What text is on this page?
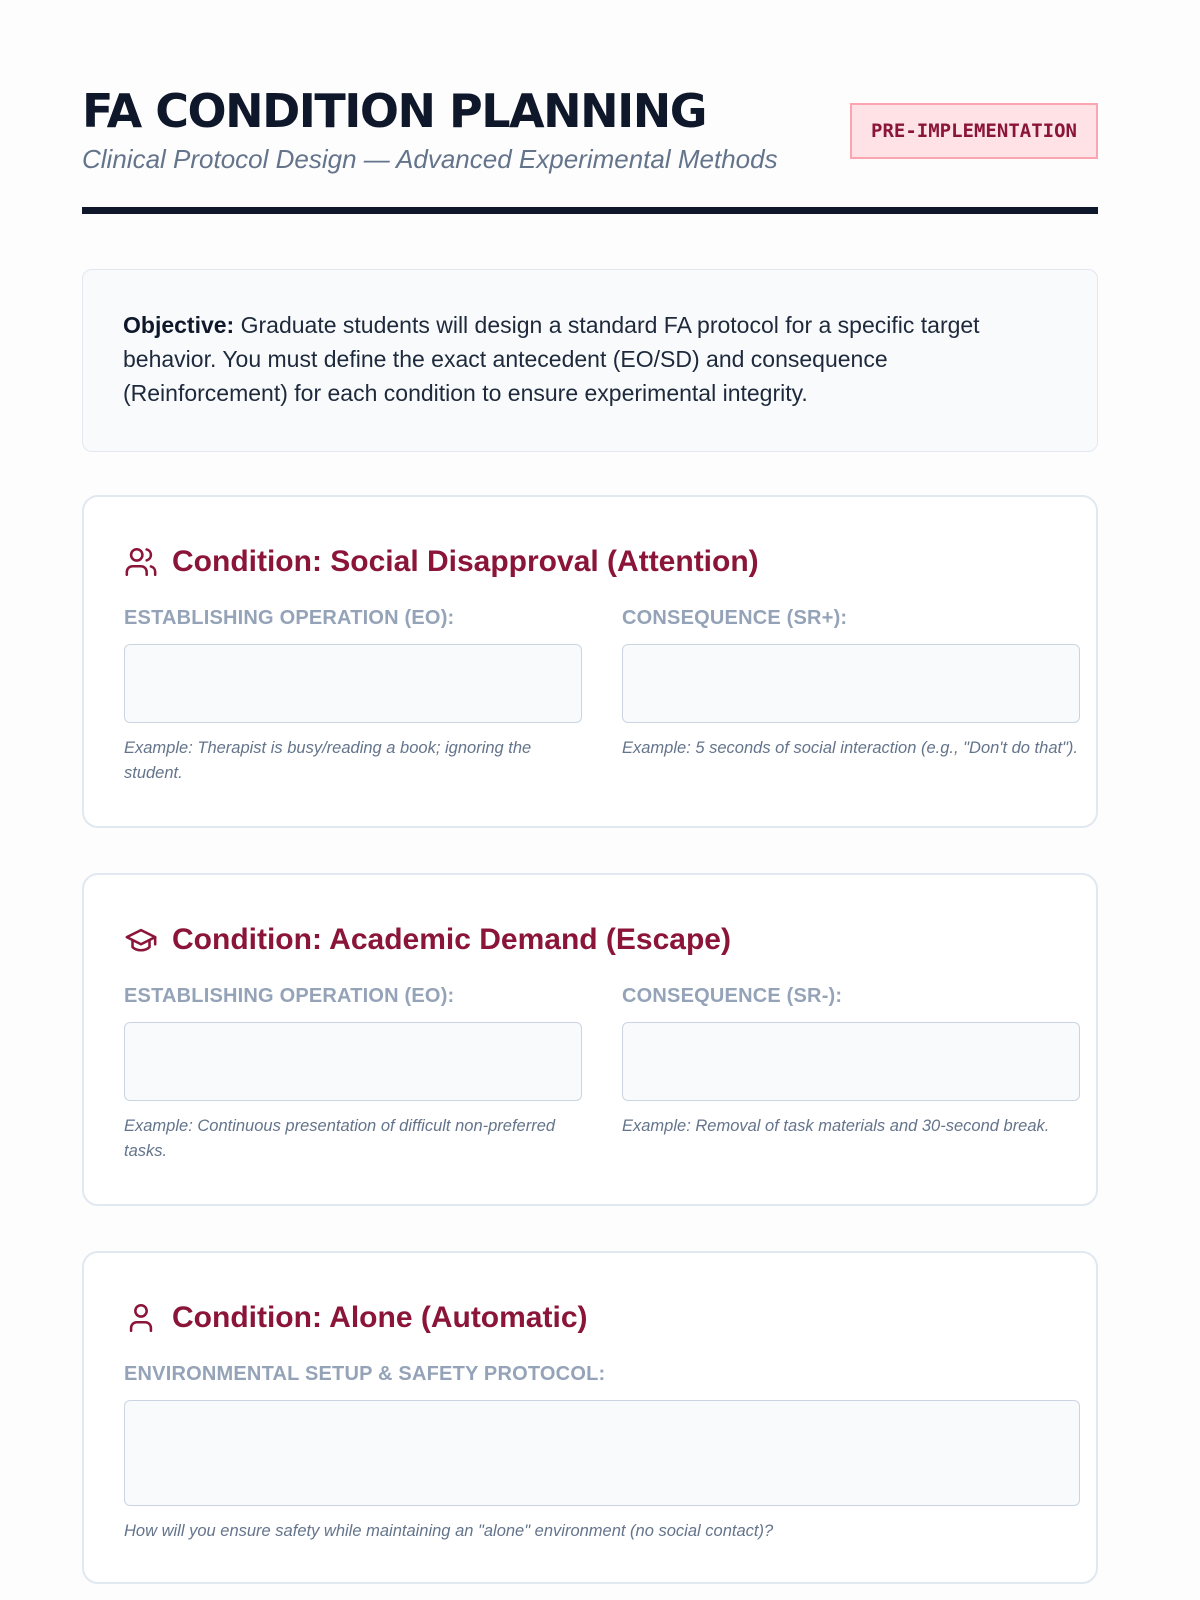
FA CONDITION PLANNING
Clinical Protocol Design — Advanced Experimental Methods
PRE-IMPLEMENTATION
Objective: Graduate students will design a standard FA protocol for a specific target behavior. You must define the exact antecedent (EO/SD) and consequence (Reinforcement) for each condition to ensure experimental integrity.
Condition: Social Disapproval (Attention)
ESTABLISHING OPERATION (EO):
Example: Therapist is busy/reading a book; ignoring the student.
CONSEQUENCE (SR+):
Example: 5 seconds of social interaction (e.g., "Don't do that").
Condition: Academic Demand (Escape)
ESTABLISHING OPERATION (EO):
Example: Continuous presentation of difficult non-preferred tasks.
CONSEQUENCE (SR-):
Example: Removal of task materials and 30-second break.
Condition: Alone (Automatic)
ENVIRONMENTAL SETUP & SAFETY PROTOCOL:
How will you ensure safety while maintaining an "alone" environment (no social contact)?
